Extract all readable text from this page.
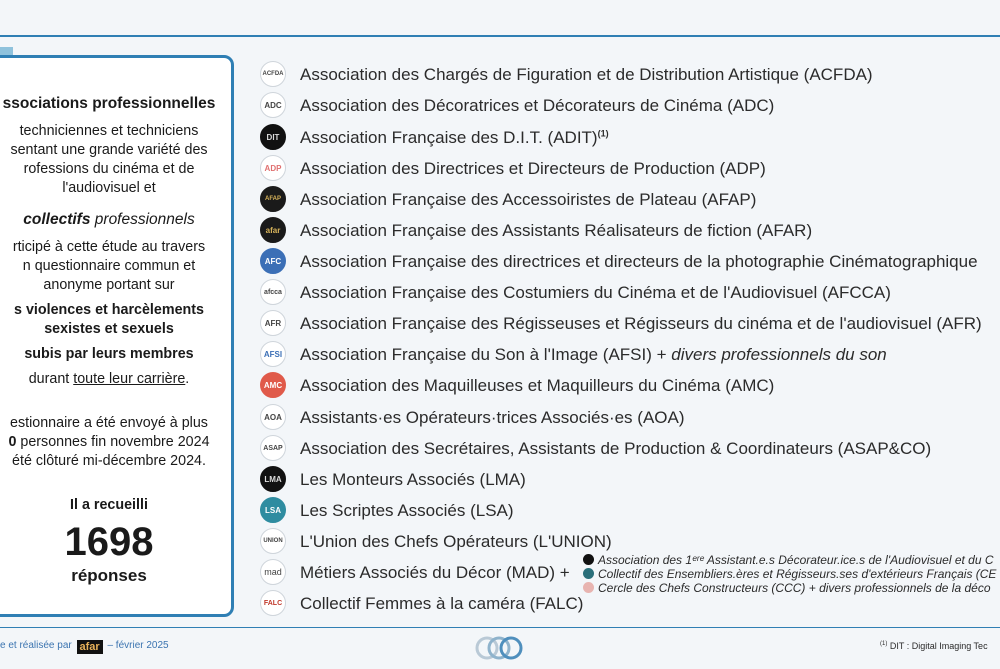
ssociations professionnelles
techniciennes et techniciens
sentant une grande variété des
rofessions du cinéma et de
l'audiovisuel et
collectifs professionnels
rticipé à cette étude au travers
n questionnaire commun et
anonyme portant sur
s violences et harcèlements
sexistes et sexuels
subis par leurs membres
durant toute leur carrière.
estionnaire a été envoyé à plus
0 personnes fin novembre 2024
été clôturé mi-décembre 2024.
Il a recueilli
1698
réponses
ACFDA Association des Chargés de Figuration et de Distribution Artistique (ACFDA)
ADC Association des Décoratrices et Décorateurs de Cinéma (ADC)
DIT	Association Française des D.I.T. (ADIT)$^{(1)}$
ADP Association des Directrices et Directeurs de Production (ADP)
AFAP Association Française des Accessoiristes de Plateau (AFAP)
afar	Association Française des Assistants Réalisateurs de fiction (AFAR)
AFC Association Française des directrices et directeurs de la photographie Cinématographique
afcca Association Française des Costumiers du Cinéma et de l'Audiovisuel (AFCCA)
AFR Association Française des Régisseuses et Régisseurs du cinéma et de l'audiovisuel (AFR)
AFSI Association Française du Son à l'Image (AFSI) + divers professionnels du son
AMC Association des Maquilleuses et Maquilleurs du Cinéma (AMC)
AOA Assistants·es Opérateurs·trices Associés·es (AOA)
ASAP Association des Secrétaires, Assistants de Production & Coordinateurs (ASAP&CO)
LMA Les Monteurs Associés (LMA)
LSA Les Scriptes Associés (LSA)
UNION L'Union des Chefs Opérateurs (L'UNION)
mad Métiers Associés du Décor (MAD) +
FALC Collectif Femmes à la caméra (FALC)
Association des 1ᵉʳᵉ Assistant.e.s Décorateur.ice.s de l'Audiovisuel et du C
Collectif des Ensembliers.ères et Régisseurs.ses d'extérieurs Français (CE
Cercle des Chefs Constructeurs (CCC) + divers professionnels de la déco
e et réalisée par afar – février 2025	$^{(1)}$ DIT : Digital Imaging Tec
